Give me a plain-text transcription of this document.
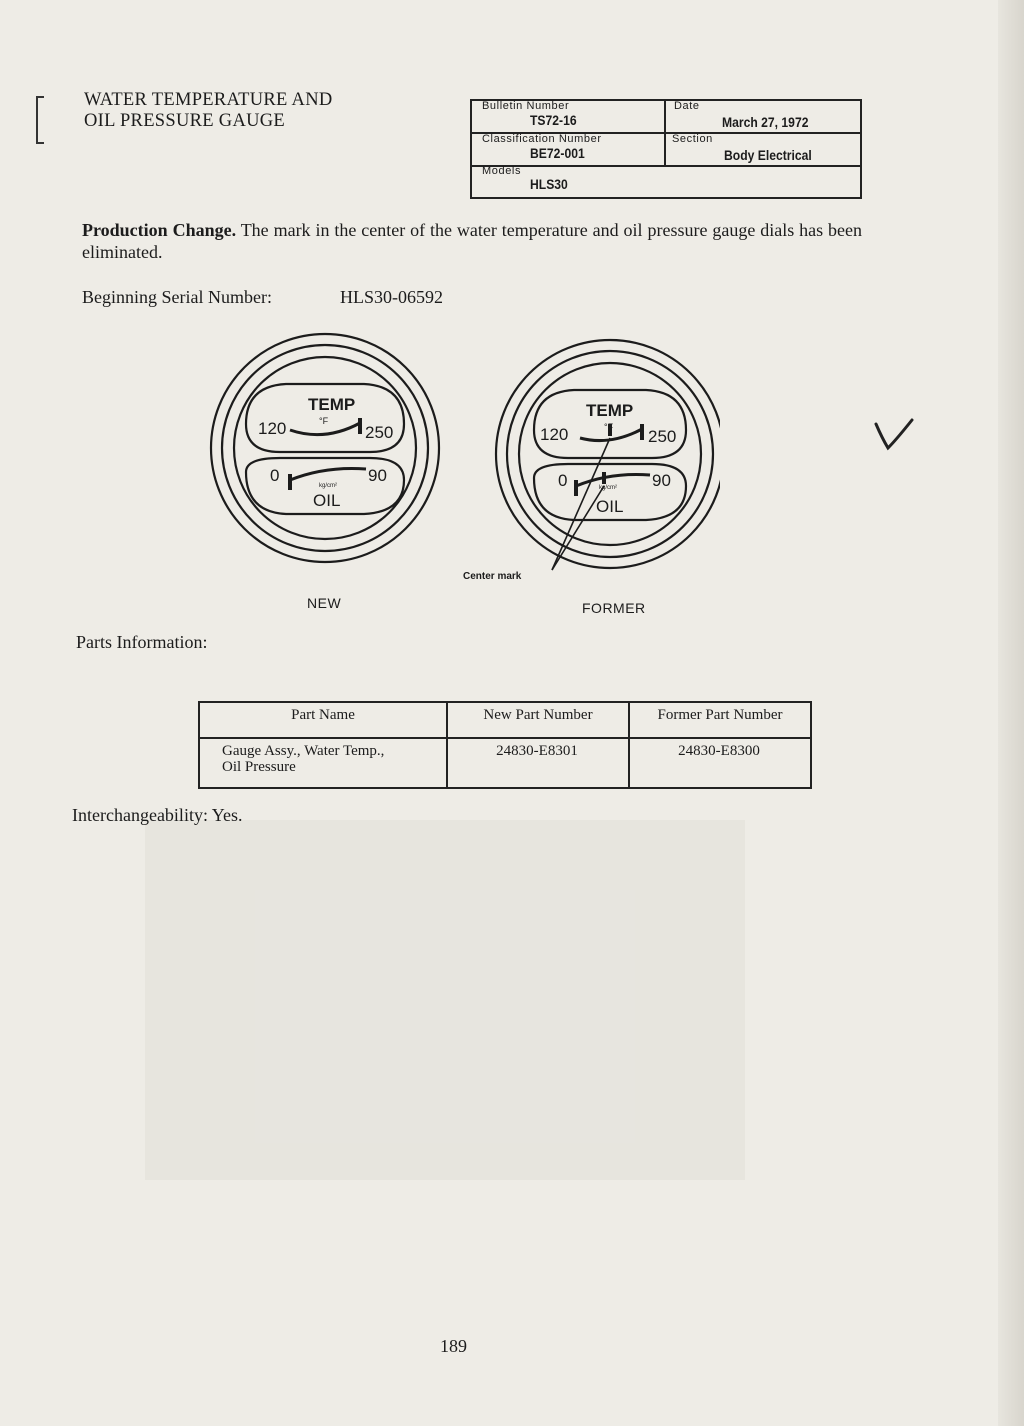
WATER TEMPERATURE AND
OIL PRESSURE GAUGE
Bulletin Number
TS72-16
Date
March 27, 1972
Classification Number
BE72-001
Section
Body Electrical
Models
HLS30
Production Change. The mark in the center of the water temperature and oil pressure gauge dials has been eliminated.
Beginning Serial Number:	HLS30-06592
TEMP
°F
120	250
0	90
kg/cm²
OIL
TEMP
°F
120	250
0	90
kg/cm²
OIL
Center mark
NEW	FORMER
Parts Information:
Part Name	New Part Number	Former Part Number

Gauge Assy., Water Temp.,
Oil Pressure	24830-E8301	24830-E8300
Interchangeability: Yes.
189
